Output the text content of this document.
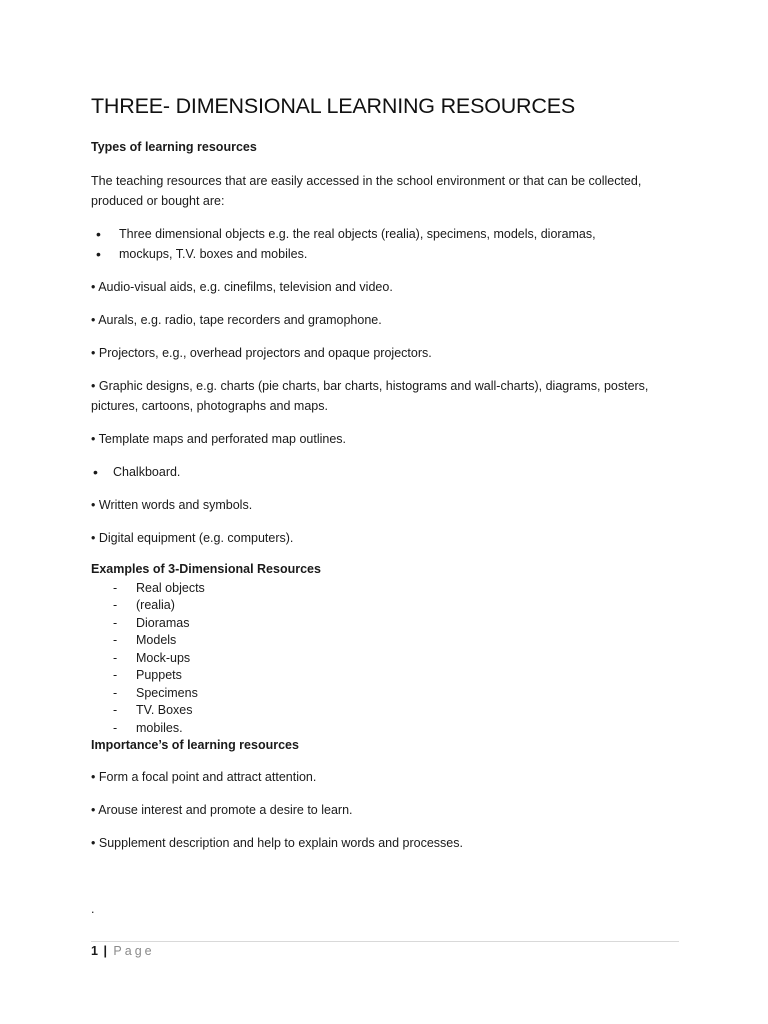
THREE- DIMENSIONAL LEARNING RESOURCES
Types of learning resources
The teaching resources that are easily accessed in the school environment or that can be collected,
produced or bought are:
• Three dimensional objects e.g. the real objects (realia), specimens, models, dioramas,
• mockups, T.V. boxes and mobiles.
• Audio-visual aids, e.g. cinefilms, television and video.
• Aurals, e.g. radio, tape recorders and gramophone.
• Projectors, e.g., overhead projectors and opaque projectors.
• Graphic designs, e.g. charts (pie charts, bar charts, histograms and wall-charts), diagrams, posters,
pictures, cartoons, photographs and maps.
• Template maps and perforated map outlines.
• Chalkboard.
• Written words and symbols.
• Digital equipment (e.g. computers).
Examples of 3-Dimensional Resources
- Real objects
- (realia)
- Dioramas
- Models
- Mock-ups
- Puppets
- Specimens
- TV. Boxes
- mobiles.
Importance’s of learning resources
• Form a focal point and attract attention.
• Arouse interest and promote a desire to learn.
• Supplement description and help to explain words and processes.
.
1 | Page
